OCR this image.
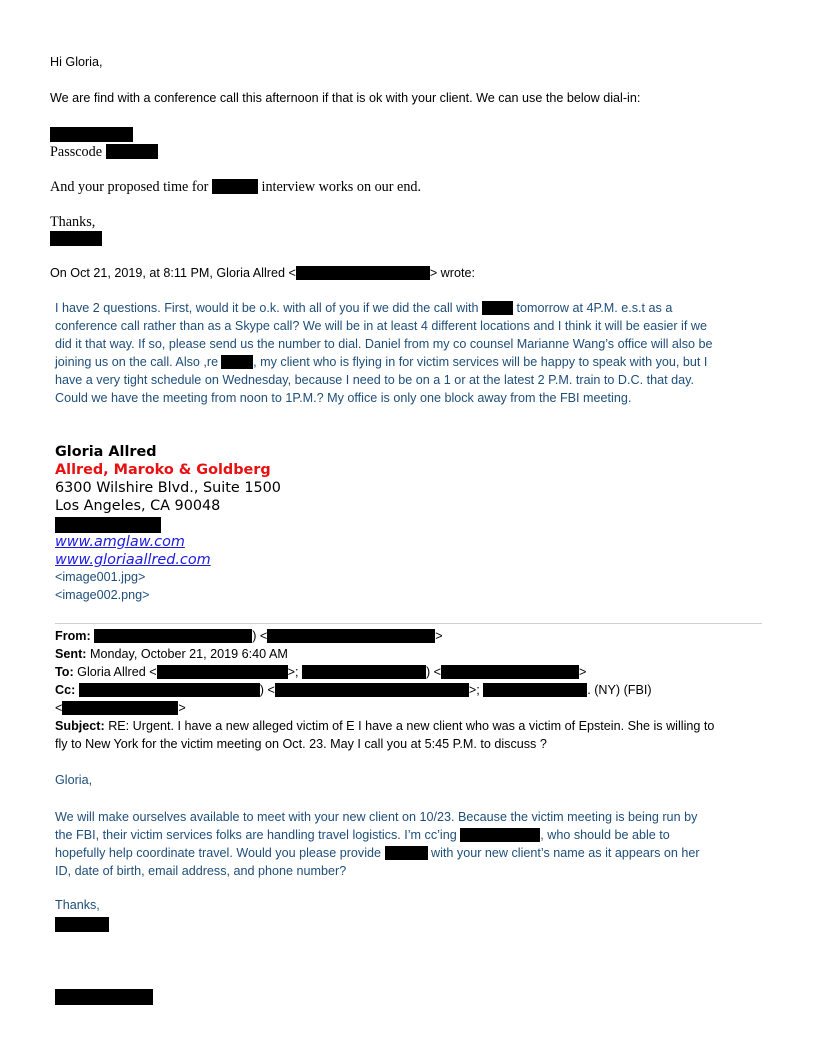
Hi Gloria,
We are find with a conference call this afternoon if that is ok with your client. We can use the below dial-in:
Passcode
And your proposed time for	interview works on our end.
Thanks,
On Oct 21, 2019, at 8:11 PM, Gloria Allred <	> wrote:
I have 2 questions. First, would it be o.k. with all of you if we did the call with	tomorrow at 4P.M. e.s.t as a
conference call rather than as a Skype call? We will be in at least 4 different locations and I think it will be easier if we
did it that way. If so, please send us the number to dial. Daniel from my co counsel Marianne Wang’s office will also be
joining us on the call. Also ,re	, my client who is flying in for victim services will be happy to speak with you, but I
have a very tight schedule on Wednesday, because I need to be on a 1 or at the latest 2 P.M. train to D.C. that day.
Could we have the meeting from noon to 1P.M.? My office is only one block away from the FBI meeting.
Gloria Allred
Allred, Maroko & Goldberg
6300 Wilshire Blvd., Suite 1500
Los Angeles, CA 90048
www.amglaw.com
www.gloriaallred.com
<image001.jpg>
<image002.png>
From:	) <	>
Sent: Monday, October 21, 2019 6:40 AM
To: Gloria Allred <	>;	) <	>
Cc:	) <	>;	. (NY) (FBI)
<	>
Subject: RE: Urgent. I have a new alleged victim of E I have a new client who was a victim of Epstein. She is willing to
fly to New York for the victim meeting on Oct. 23. May I call you at 5:45 P.M. to discuss ?
Gloria,
We will make ourselves available to meet with your new client on 10/23. Because the victim meeting is being run by
the FBI, their victim services folks are handling travel logistics. I’m cc’ing	, who should be able to
hopefully help coordinate travel. Would you please provide	with your new client’s name as it appears on her
ID, date of birth, email address, and phone number?
Thanks,
